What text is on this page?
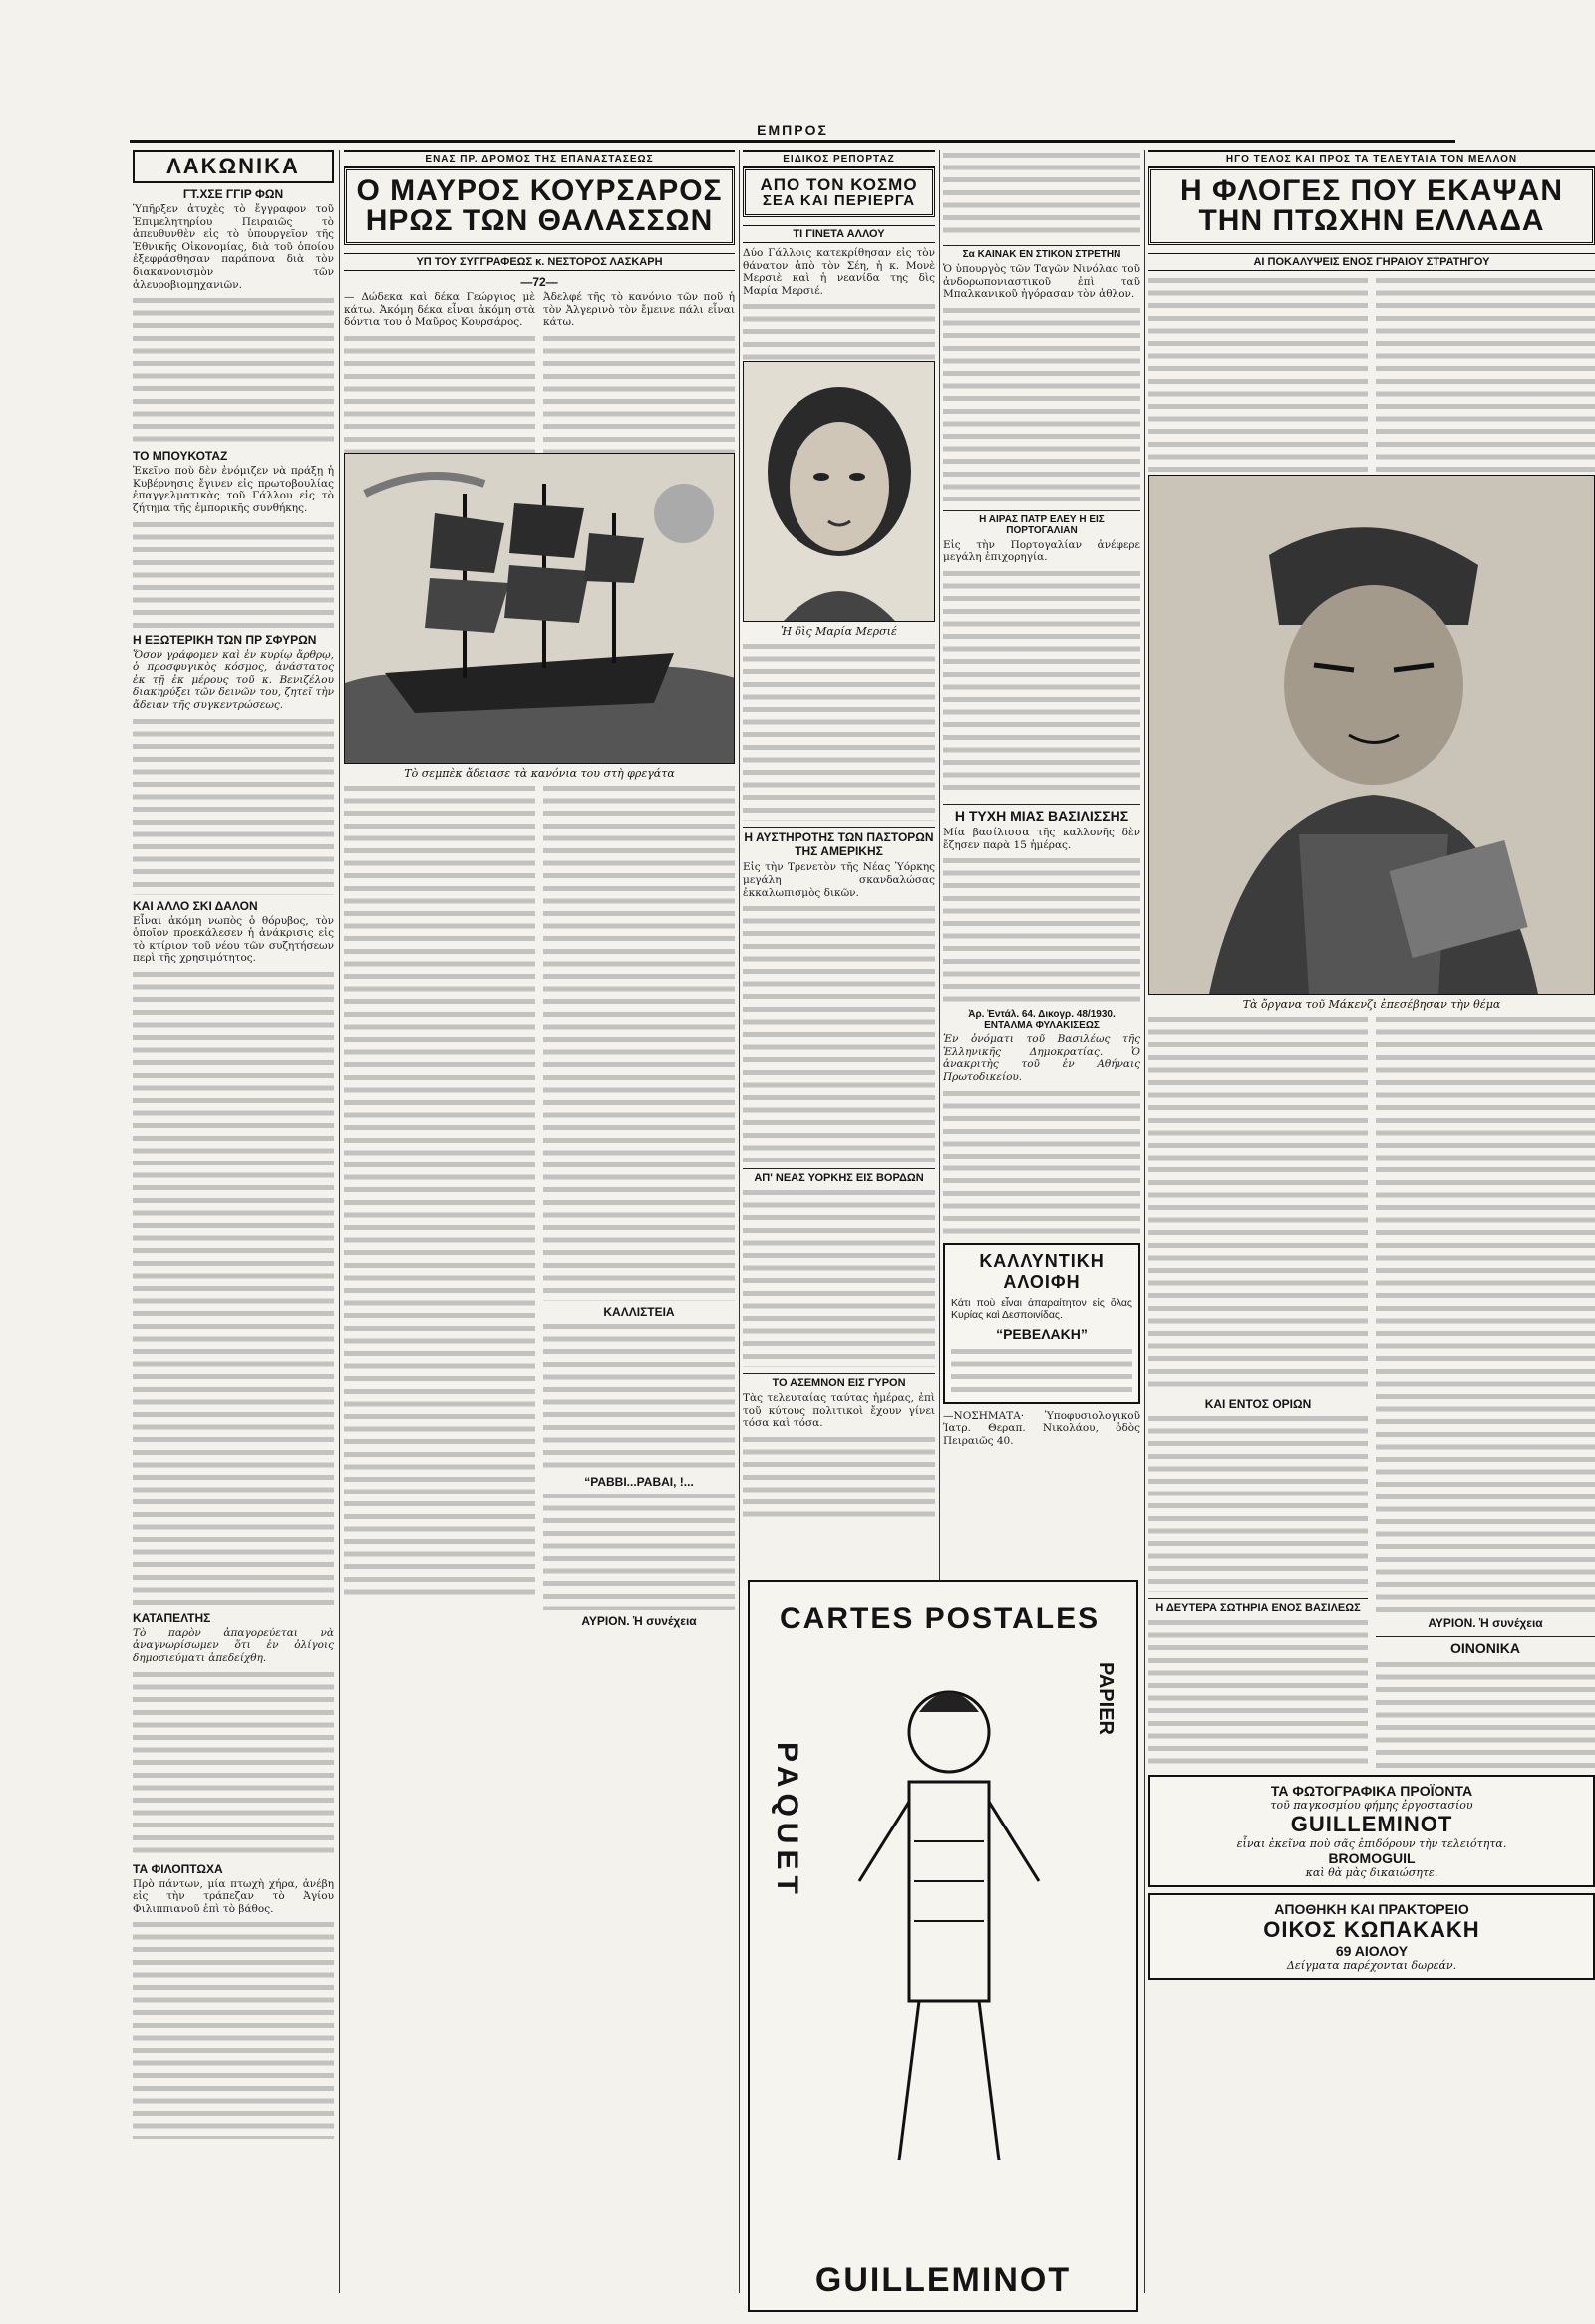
ΕΜΠΡΟΣ
ΛΑΚΩΝΙΚΑ
ΓΤ.ΧΣΕ ΓΓΙΡ ΦΩΝ

Ὑπῆρξεν ἀτυχὲς τὸ ἔγγραφον τοῦ Ἐπιμελητηρίου Πειραιῶς τὸ ἀπευθυνθὲν εἰς τὸ ὑπουργεῖον τῆς Ἐθνικῆς Οἰκονομίας, διὰ τοῦ ὁποίου ἐξεφράσθησαν παράπονα διὰ τὸν διακανονισμὸν τῶν ἀλευροβιομηχανιῶν.

ΤΟ ΜΠΟΥΚΟΤΑΖ

Ἐκεῖνο ποὺ δὲν ἐνόμιζεν νὰ πράξῃ ἡ Κυβέρνησις ἔγινεν εἰς πρωτοβουλίας ἐπαγγελματικὰς τοῦ Γάλλου εἰς τὸ ζήτημα τῆς ἐμπορικῆς συνθήκης.

Η ΕΞΩΤΕΡΙΚΗ ΤΩΝ ΠΡ ΣΦΥΡΩΝ

Ὅσον γράφομεν καὶ ἐν κυρίῳ ἄρθρῳ, ὁ προσφυγικὸς κόσμος, ἀνάστατος ἐκ τῇ ἐκ μέρους τοῦ κ. Βενιζέλου διακηρύξει τῶν δεινῶν του, ζητεῖ τὴν ἄδειαν τῆς συγκεντρώσεως.

ΚΑΙ ΑΛΛΟ ΣΚΙ ΔΑΛΟΝ

Εἶναι ἀκόμη νωπὸς ὁ θόρυβος, τὸν ὁποῖον προεκάλεσεν ἡ ἀνάκρισις εἰς τὸ κτίριον τοῦ νέου τῶν συζητήσεων περὶ τῆς χρησιμότητος.

ΚΑΤΑΠΕΛΤΗΣ

Τὸ παρὸν ἀπαγορεύεται νὰ ἀναγνωρίσωμεν ὅτι ἐν ὀλίγοις δημοσιεύματι ἀπεδείχθη.

ΤΑ ΦΙΛΟΠΤΩΧΑ

Πρὸ πάντων, μία πτωχὴ χήρα, ἀνέβη εἰς τὴν τράπεζαν τὸ Ἀγίου Φιλιππιανοῦ ἐπὶ τὸ βάθος.

ΕΝΑΣ ΠΡ. ΔΡΟΜΟΣ ΤΗΣ ΕΠΑΝΑΣΤΑΣΕΩΣ
Ο ΜΑΥΡΟΣ ΚΟΥΡΣΑΡΟΣ
ΗΡΩΣ ΤΩΝ ΘΑΛΑΣΣΩΝ
ΥΠ ΤΟΥ ΣΥΓΓΡΑΦΕΩΣ κ. ΝΕΣΤΟΡΟΣ ΛΑΣΚΑΡΗ
—72—

— Δώδεκα καὶ δέκα Γεώργιος μὲ κάτω. Ἀκόμη δέκα εἶναι ἀκόμη στὰ δόντια του ὁ Μαῦρος Κουρσάρος.

Ἀδελφέ τῆς τὸ κανόνιο τῶν ποῦ ἡ τὸν Ἀλγερινὸ τὸν ἔμεινε πάλι εἶναι κάτω.

Τὸ σεμπὲκ ἄδειασε τὰ κανόνια του στὴ φρεγάτα
ΚΑΛΛΙΣΤΕΙΑ
“ΡΑΒΒΙ...ΡΑΒΑΙ, !...
ΑΥΡΙΟΝ. Ἡ συνέχεια
ΕΙΔΙΚΟΣ ΡΕΠΟΡΤΑΖ
ΑΠΟ ΤΟΝ ΚΟΣΜΟ
ΣΕΑ ΚΑΙ ΠΕΡΙΕΡΓΑ
ΤΙ ΓΙΝΕΤΑ ΑΛΛΟΥ

Δύο Γάλλοις κατεκρίθησαν εἰς τὸν θάνατον ἀπὸ τὸν Σέη, ἡ κ. Μονὲ Μερσιὲ καὶ ἡ νεανίδα της δὶς Μαρία Μερσιέ.

Ἡ δὶς Μαρία Μερσιέ
Η ΑΥΣΤΗΡΟΤΗΣ ΤΩΝ ΠΑΣΤΟΡΩΝ ΤΗΣ ΑΜΕΡΙΚΗΣ

Εἰς τὴν Τρενετὸν τῆς Νέας Ὑόρκης μεγάλη σκανδαλώσας ἐκκαλωπισμὸς δικῶν.

ΑΠ' ΝΕΑΣ ΥΟΡΚΗΣ ΕΙΣ ΒΟΡΔΩΝ
ΤΟ ΑΣΕΜΝΟΝ ΕΙΣ ΓΥΡΟΝ

Τὰς τελευταίας ταύτας ἡμέρας, ἐπὶ τοῦ κύτους πολιτικοὶ ἔχουν γίνει τόσα καὶ τόσα.

Σα ΚΑΙΝΑΚ ΕΝ ΣΤΙΚΟΝ ΣΤΡΕΤΗΝ

Ὁ ὑπουργὸς τῶν Ταγῶν Νινόλαο τοῦ ἀνδορωπονιαστικοῦ ἐπὶ ταῦ Μπαλκανικοῦ ἠγόρασαν τὸν ἀθλον.

Η ΑΙΡΑΣ ΠΑΤΡ ΕΛΕΥ Η ΕΙΣ ΠΟΡΤΟΓΑΛΙΑΝ

Εἰς τὴν Πορτογαλίαν ἀνέφερε μεγάλη ἐπιχορηγία.

Η ΤΥΧΗ ΜΙΑΣ ΒΑΣΙΛΙΣΣΗΣ

Μία βασίλισσα τῆς καλλονῆς δὲν ἔζησεν παρὰ 15 ἡμέρας.

Ἀρ. Ἐντάλ. 64. Δικογρ. 48/1930. ΕΝΤΑΛΜΑ ΦΥΛΑΚΙΣΕΩΣ

Ἐν ὀνόματι τοῦ Βασιλέως τῆς Ἑλληνικῆς Δημοκρατίας. Ὁ ἀνακριτὴς τοῦ ἐν Αθήναις Πρωτοδικείου.

ΚΑΛΛΥΝΤΙΚΗ ΑΛΟΙΦΗ

Κάτι ποὺ εἶναι ἀπαραίτητον εἰς ὅλας Κυρίας καὶ Δεσποινίδας.

“ΡΕΒΕΛΑΚΗ”

—ΝΟΣΗΜΑΤΑ· Ὑποφυσιολογικοῦ Ἰατρ. Θεραπ. Νικολάου, ὁδὸς Πειραιῶς 40.

CARTES POSTALES
PAPIER
PAQUET
GUILLEMINOT
ΗΓΟ ΤΕΛΟΣ ΚΑΙ ΠΡΟΣ ΤΑ ΤΕΛΕΥΤΑΙΑ ΤΟΝ ΜΕΛΛΟΝ
Η ΦΛΟΓΕΣ ΠΟΥ ΕΚΑΨΑΝ
ΤΗΝ ΠΤΩΧΗΝ ΕΛΛΑΔΑ
ΑΙ ΠΟΚΑΛΥΨΕΙΣ ΕΝΟΣ ΓΗΡΑΙΟΥ ΣΤΡΑΤΗΓΟΥ
Τὰ ὄργανα τοῦ Μάκενζι ἐπεσέβησαν τὴν θέμα
ΚΑΙ ΕΝΤΟΣ ΟΡΙΩΝ
Η ΔΕΥΤΕΡΑ ΣΩΤΗΡΙΑ ΕΝΟΣ ΒΑΣΙΛΕΩΣ
ΑΥΡΙΟΝ. Ἡ συνέχεια
ΟΙΝΟΝΙΚΑ
ΤΑ ΦΩΤΟΓΡΑΦΙΚΑ ΠΡΟΪΟΝΤΑ
τοῦ παγκοσμίου φήμης ἐργοστασίου
GUILLEMINOT
εἶναι ἐκεῖνα ποὺ σᾶς ἐπιδόρουν τὴν τελειότητα.
BROMOGUIL
καὶ θὰ μὰς δικαιώσητε.
ΑΠΟΘΗΚΗ ΚΑΙ ΠΡΑΚΤΟΡΕΙΟ
ΟΙΚΟΣ ΚΩΠΑΚΑΚΗ
69 ΑΙΟΛΟΥ
Δείγματα παρέχονται δωρεάν.
